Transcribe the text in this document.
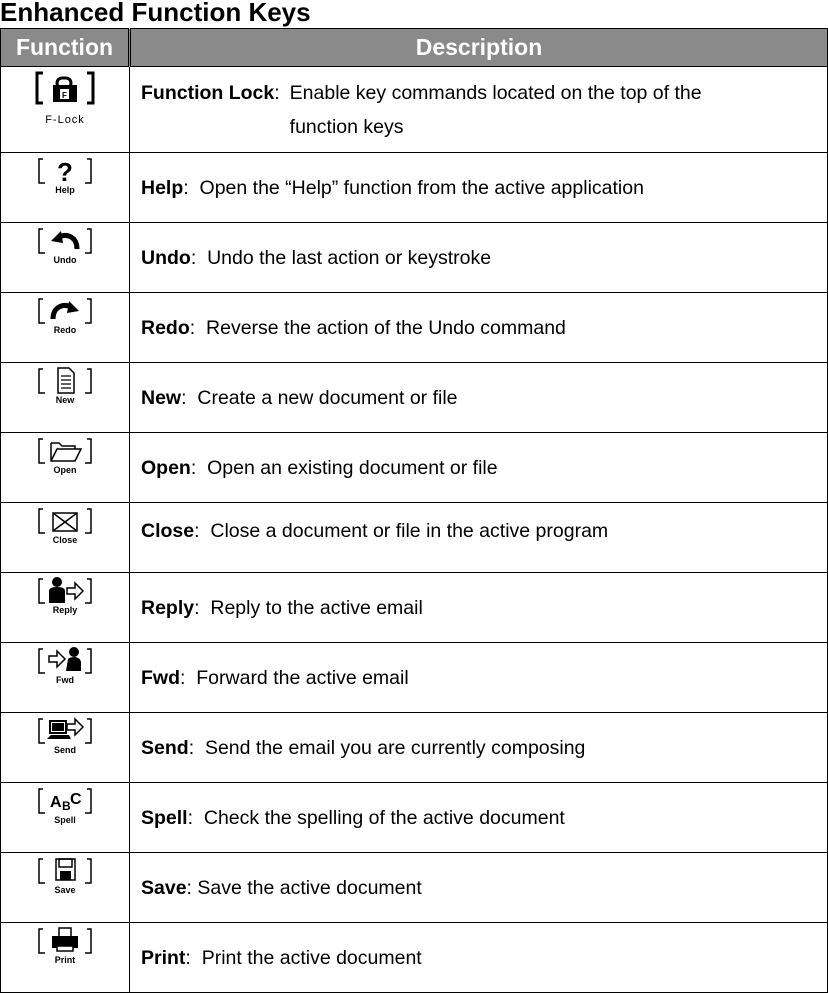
Enhanced Function Keys
Function	Description

F
F-Lock	Function Lock: Enable key commands located on the top of the function keys

?
Help	Help: Open the “Help” function from the active application

Undo	Undo: Undo the last action or keystroke

Redo	Redo: Reverse the action of the Undo command

New	New: Create a new document or file

Open	Open: Open an existing document or file

Close	Close: Close a document or file in the active program

Reply	Reply: Reply to the active email

Fwd	Fwd: Forward the active email

Send	Send: Send the email you are currently composing

A B C
Spell	Spell: Check the spelling of the active document

Save	Save: Save the active document

Print	Print: Print the active document
